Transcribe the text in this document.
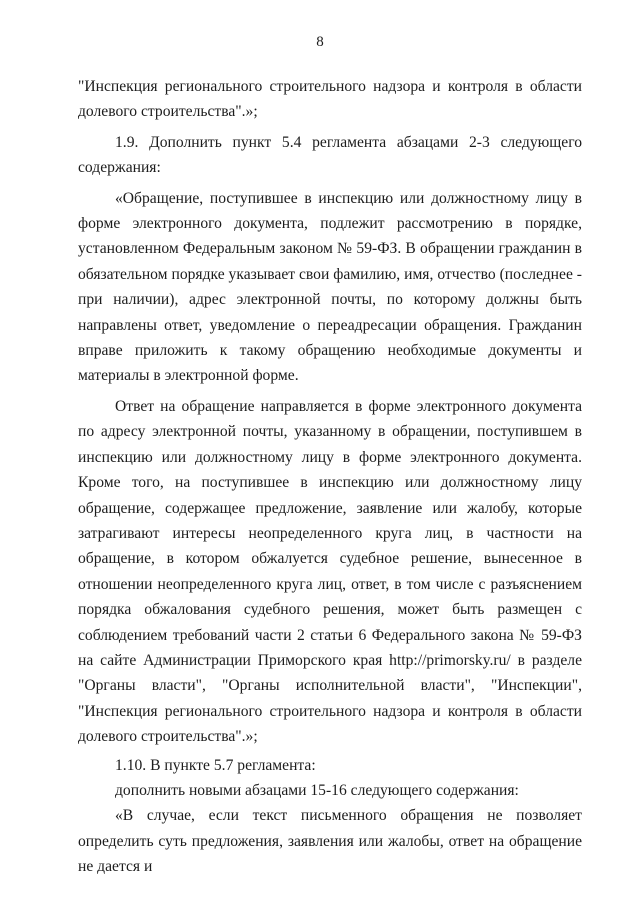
8

"Инспекция регионального строительного надзора и контроля в области долевого строительства".»;

1.9. Дополнить пункт 5.4 регламента абзацами 2-3 следующего содержания:

«Обращение, поступившее в инспекцию или должностному лицу в форме электронного документа, подлежит рассмотрению в порядке, установленном Федеральным законом № 59-ФЗ. В обращении гражданин в обязательном порядке указывает свои фамилию, имя, отчество (последнее - при наличии), адрес электронной почты, по которому должны быть направлены ответ, уведомление о переадресации обращения. Гражданин вправе приложить к такому обращению необходимые документы и материалы в электронной форме.

Ответ на обращение направляется в форме электронного документа по адресу электронной почты, указанному в обращении, поступившем в инспекцию или должностному лицу в форме электронного документа. Кроме того, на поступившее в инспекцию или должностному лицу обращение, содержащее предложение, заявление или жалобу, которые затрагивают интересы неопределенного круга лиц, в частности на обращение, в котором обжалуется судебное решение, вынесенное в отношении неопределенного круга лиц, ответ, в том числе с разъяснением порядка обжалования судебного решения, может быть размещен с соблюдением требований части 2 статьи 6 Федерального закона № 59-ФЗ на сайте Администрации Приморского края http://primorsky.ru/ в разделе "Органы власти", "Органы исполнительной власти", "Инспекции", "Инспекция регионального строительного надзора и контроля в области долевого строительства".»;

1.10. В пункте 5.7 регламента:

дополнить новыми абзацами 15-16 следующего содержания:

«В случае, если текст письменного обращения не позволяет определить суть предложения, заявления или жалобы, ответ на обращение не дается и
